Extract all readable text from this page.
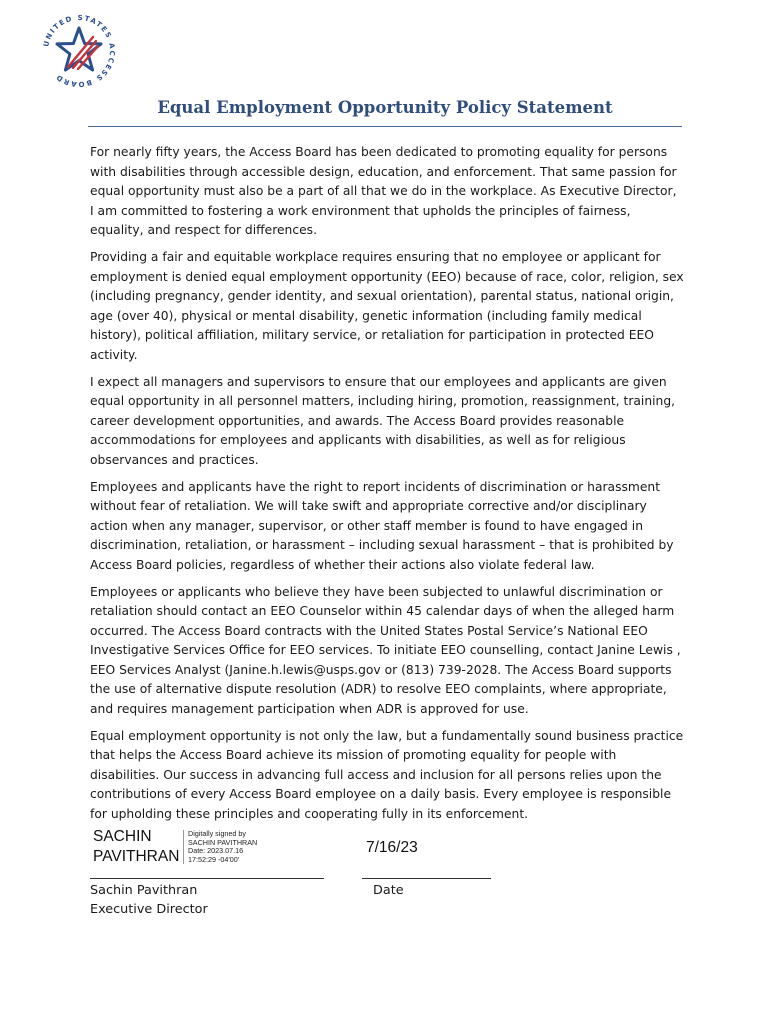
UNITED STATES ACCESS BOARD
Equal Employment Opportunity Policy Statement

For nearly fifty years, the Access Board has been dedicated to promoting equality for persons with disabilities through accessible design, education, and enforcement. That same passion for equal opportunity must also be a part of all that we do in the workplace. As Executive Director, I am committed to fostering a work environment that upholds the principles of fairness, equality, and respect for differences.

Providing a fair and equitable workplace requires ensuring that no employee or applicant for employment is denied equal employment opportunity (EEO) because of race, color, religion, sex (including pregnancy, gender identity, and sexual orientation), parental status, national origin, age (over 40), physical or mental disability, genetic information (including family medical history), political affiliation, military service, or retaliation for participation in protected EEO activity.

I expect all managers and supervisors to ensure that our employees and applicants are given equal opportunity in all personnel matters, including hiring, promotion, reassignment, training, career development opportunities, and awards. The Access Board provides reasonable accommodations for employees and applicants with disabilities, as well as for religious observances and practices.

Employees and applicants have the right to report incidents of discrimination or harassment without fear of retaliation. We will take swift and appropriate corrective and/or disciplinary action when any manager, supervisor, or other staff member is found to have engaged in discrimination, retaliation, or harassment – including sexual harassment – that is prohibited by Access Board policies, regardless of whether their actions also violate federal law.

Employees or applicants who believe they have been subjected to unlawful discrimination or retaliation should contact an EEO Counselor within 45 calendar days of when the alleged harm occurred. The Access Board contracts with the United States Postal Service’s National EEO Investigative Services Office for EEO services. To initiate EEO counselling, contact Janine Lewis , EEO Services Analyst (Janine.h.lewis@usps.gov or (813) 739-2028. The Access Board supports the use of alternative dispute resolution (ADR) to resolve EEO complaints, where appropriate, and requires management participation when ADR is approved for use.

Equal employment opportunity is not only the law, but a fundamentally sound business practice that helps the Access Board achieve its mission of promoting equality for people with disabilities. Our success in advancing full access and inclusion for all persons relies upon the contributions of every Access Board employee on a daily basis. Every employee is responsible for upholding these principles and cooperating fully in its enforcement.

SACHIN
PAVITHRAN
Digitally signed by
SACHIN PAVITHRAN
Date: 2023.07.16
17:52:29 -04'00'
7/16/23
Sachin Pavithran
Executive Director
Date
